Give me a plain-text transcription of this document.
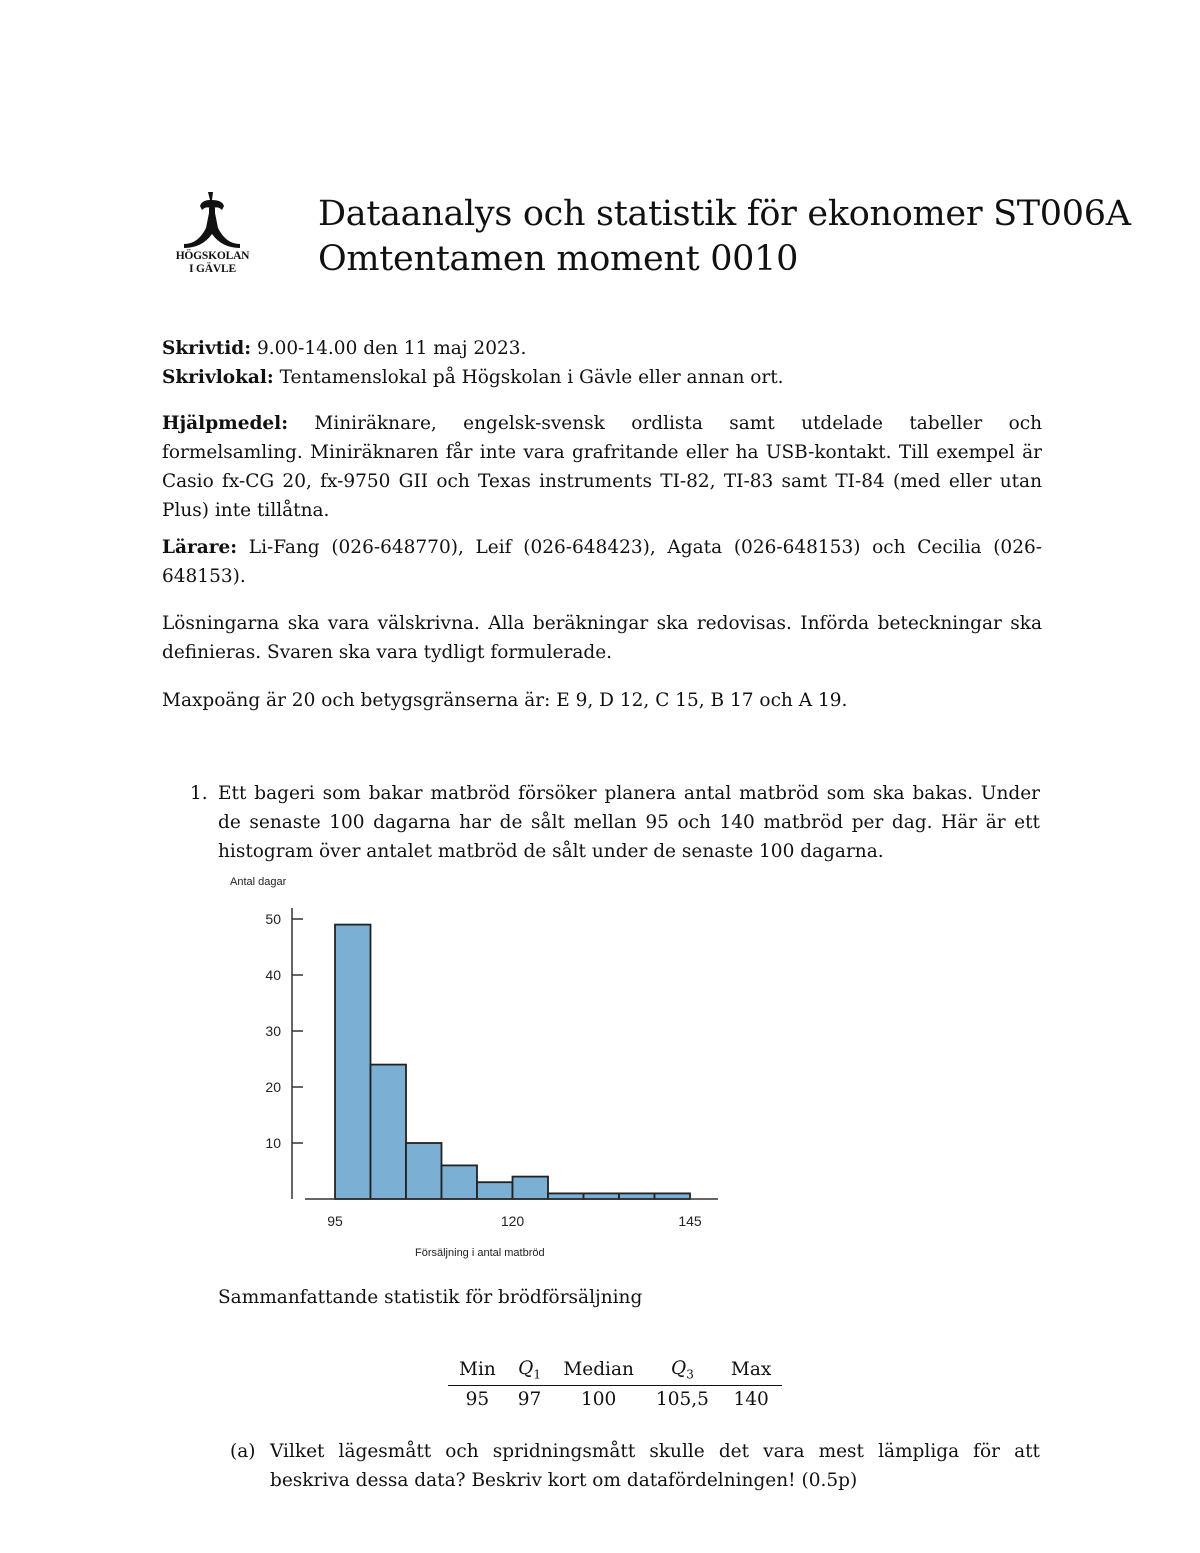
HÖGSKOLAN
I GÄVLE
Dataanalys och statistik för ekonomer ST006A
Omtentamen moment 0010
Skrivtid: 9.00-14.00 den 11 maj 2023.
Skrivlokal: Tentamenslokal på Högskolan i Gävle eller annan ort.

Hjälpmedel: Miniräknare, engelsk-svensk ordlista samt utdelade tabeller och formelsamling. Miniräknaren får inte vara grafritande eller ha USB-kontakt. Till exempel är Casio fx-CG 20, fx-9750 GII och Texas instruments TI-82, TI-83 samt TI-84 (med eller utan Plus) inte tillåtna.

Lärare: Li-Fang (026-648770), Leif (026-648423), Agata (026-648153) och Cecilia (026-648153).

Lösningarna ska vara välskrivna. Alla beräkningar ska redovisas. Införda beteckningar ska definieras. Svaren ska vara tydligt formulerade.

Maxpoäng är 20 och betygsgränserna är: E 9, D 12, C 15, B 17 och A 19.

1. Ett bageri som bakar matbröd försöker planera antal matbröd som ska bakas. Under de senaste 100 dagarna har de sålt mellan 95 och 140 matbröd per dag. Här är ett histogram över antalet matbröd de sålt under de senaste 100 dagarna.

Antal dagar
Försäljning i antal matbröd
10
20
30
40
50
95	120	145
Sammanfattande statistik för brödförsäljning
Min	$Q_1$	Median	$Q_3$	Max
95	97	100	105,5	140
(a) Vilket lägesmått och spridningsmått skulle det vara mest lämpliga för att beskriva dessa data? Beskriv kort om datafördelningen! (0.5p)
